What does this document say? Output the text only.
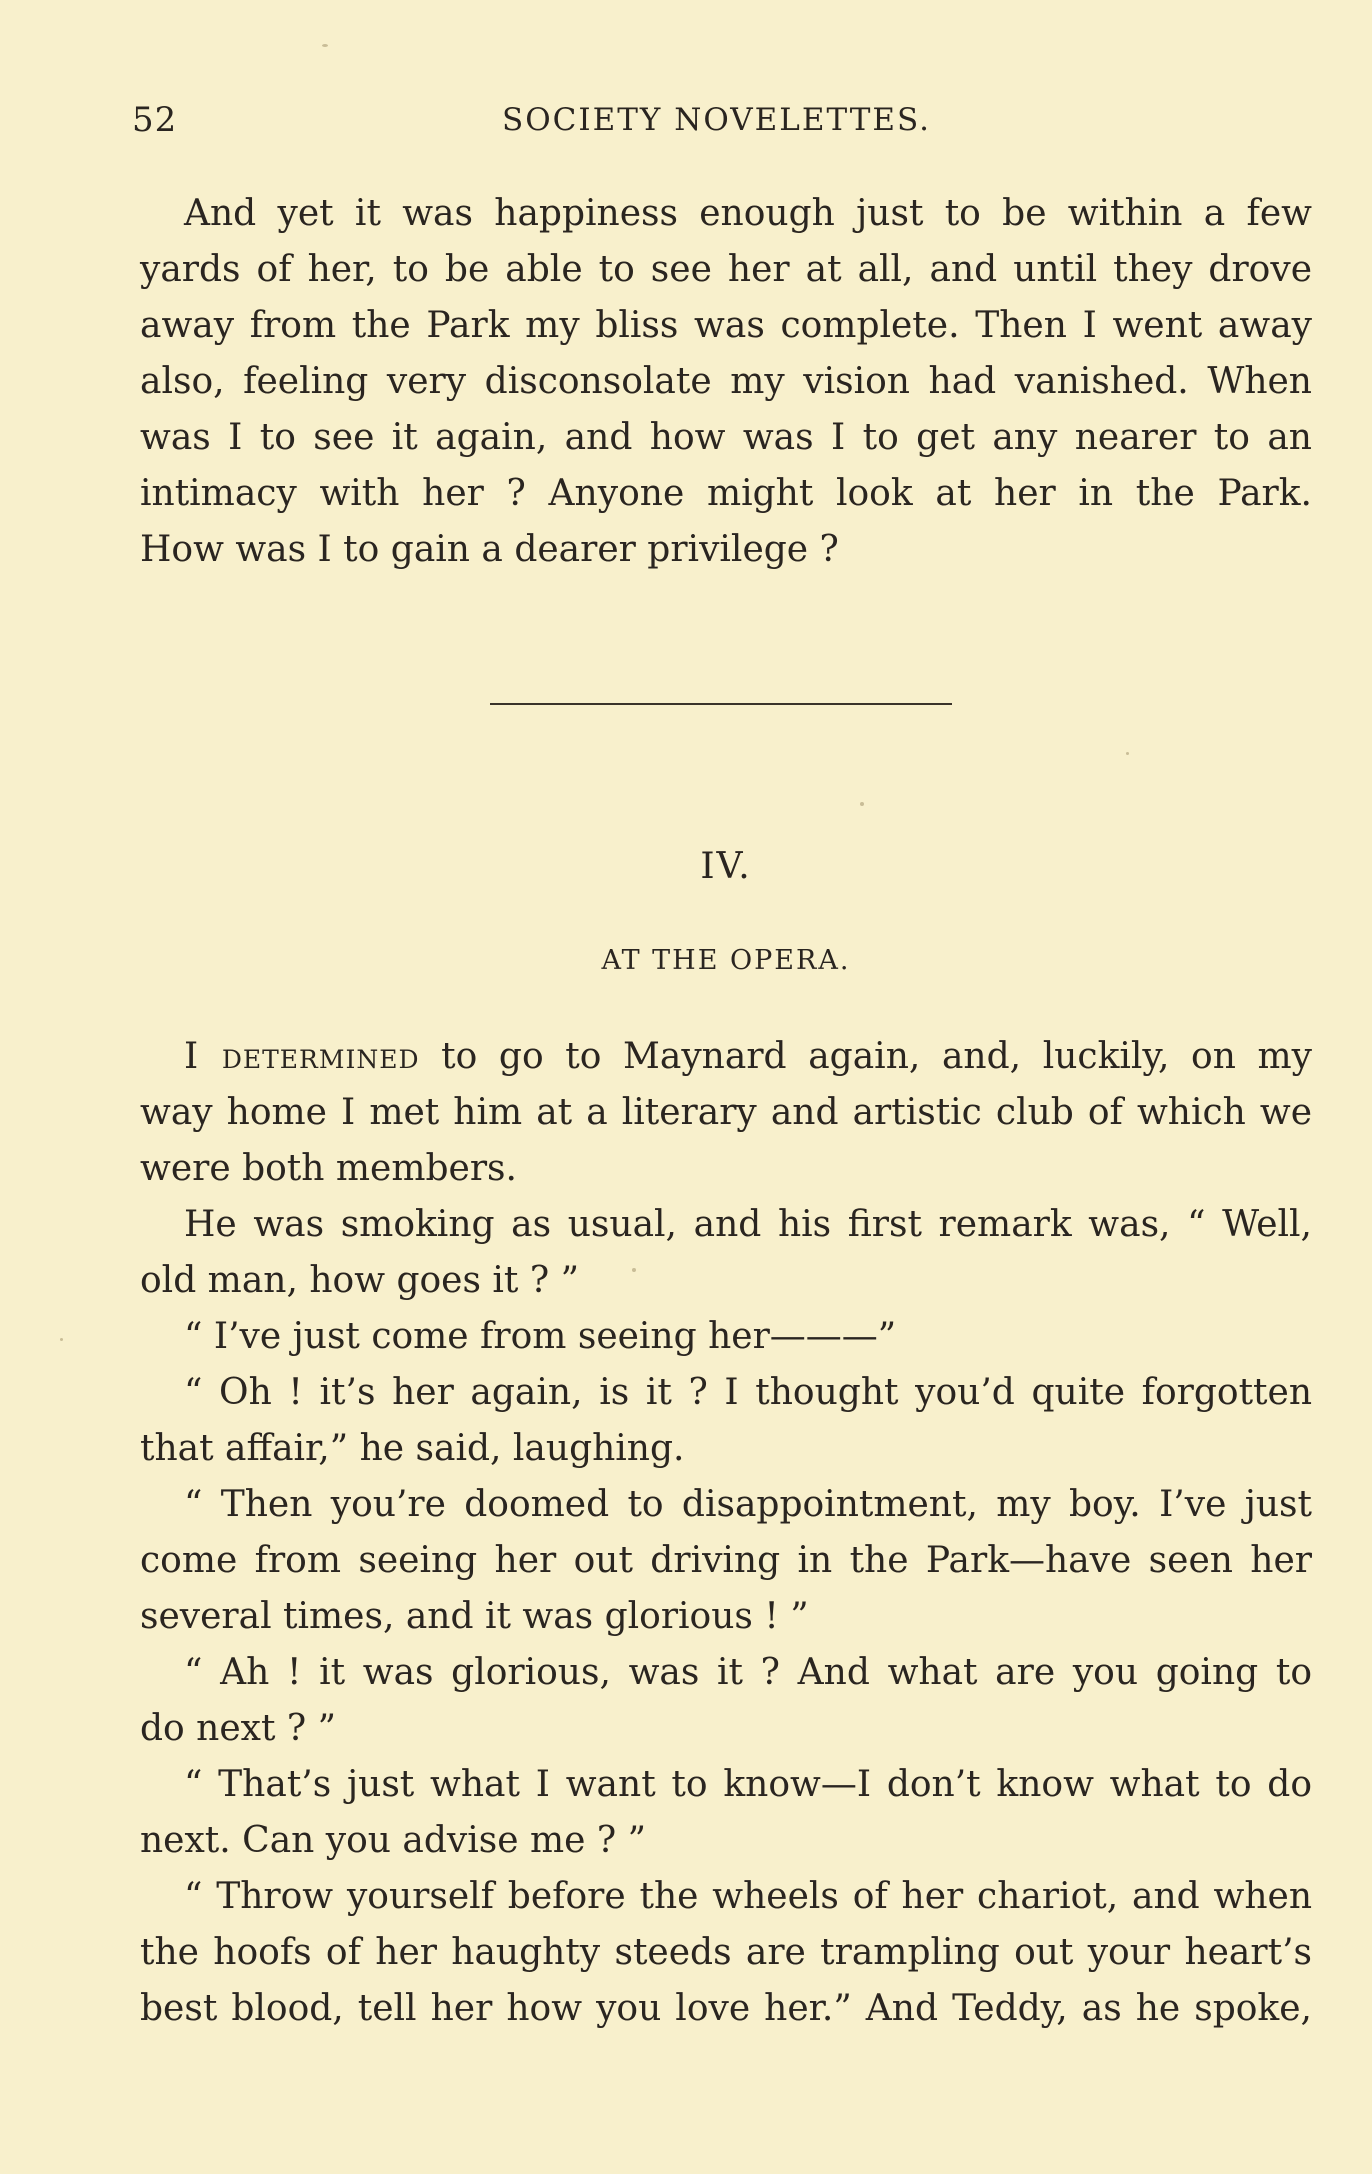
52	SOCIETY NOVELETTES.
And yet it was happiness enough just to be within a few
yards of her, to be able to see her at all, and until they drove
away from the Park my bliss was complete. Then I went away
also, feeling very disconsolate my vision had vanished. When
was I to see it again, and how was I to get any nearer to an
intimacy with her ? Anyone might look at her in the Park.
How was I to gain a dearer privilege ?
IV.
AT THE OPERA.
I determined to go to Maynard again, and, luckily, on my
way home I met him at a literary and artistic club of which we
were both members.
He was smoking as usual, and his first remark was, “ Well,
old man, how goes it ? ”
“ I’ve just come from seeing her———”
“ Oh ! it’s her again, is it ? I thought you’d quite forgotten
that affair,” he said, laughing.
“ Then you’re doomed to disappointment, my boy. I’ve just
come from seeing her out driving in the Park—have seen her
several times, and it was glorious ! ”
“ Ah ! it was glorious, was it ? And what are you going to
do next ? ”
“ That’s just what I want to know—I don’t know what to do
next. Can you advise me ? ”
“ Throw yourself before the wheels of her chariot, and when
the hoofs of her haughty steeds are trampling out your heart’s
best blood, tell her how you love her.” And Teddy, as he spoke,
